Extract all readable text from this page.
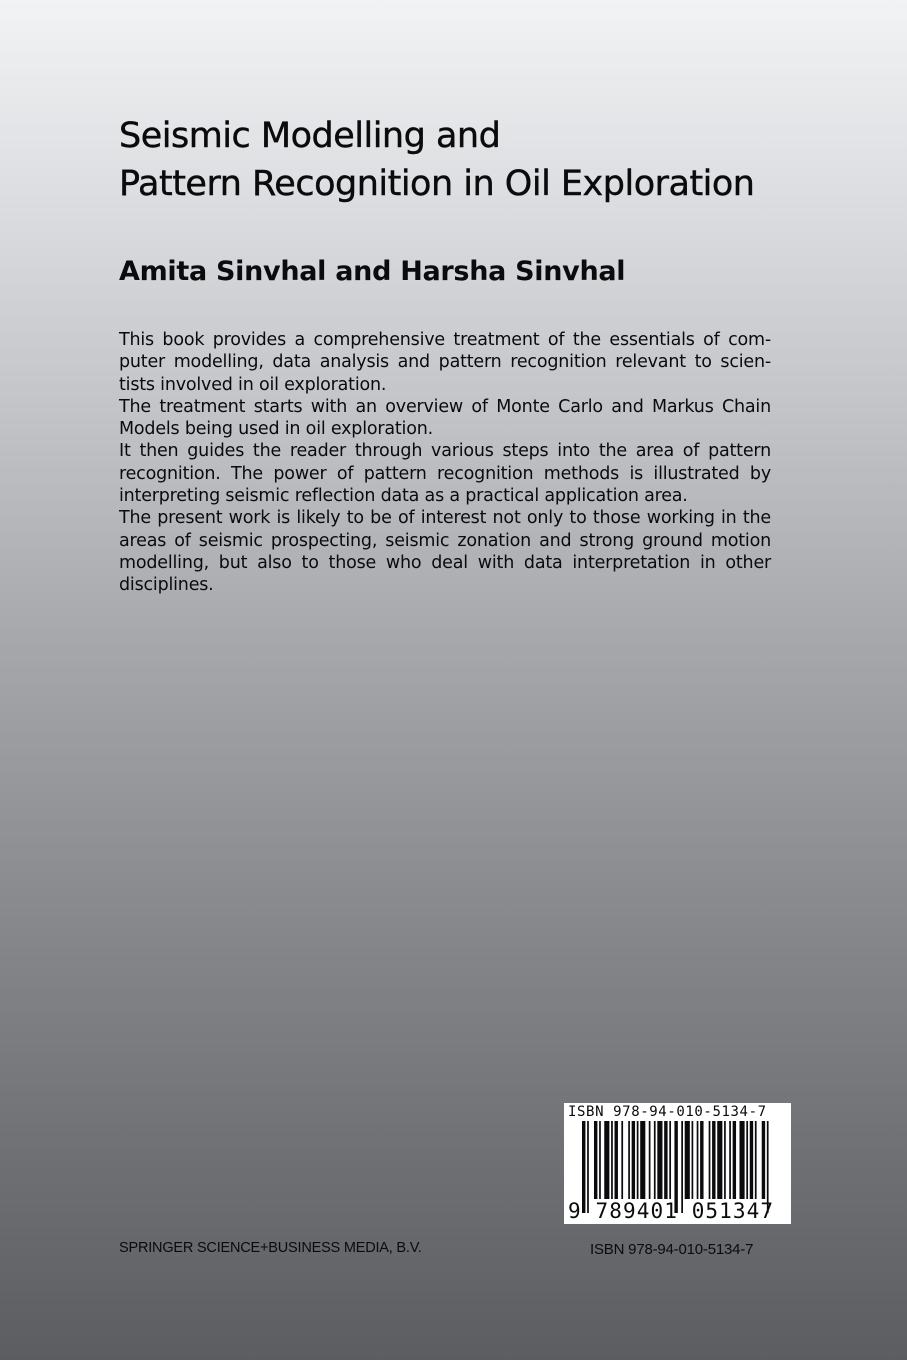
Seismic Modelling and
Pattern Recognition in Oil Exploration
Amita Sinvhal and Harsha Sinvhal

This book provides a comprehensive treatment of the essentials of com-puter modelling, data analysis and pattern recognition relevant to scien-tists involved in oil exploration.

The treatment starts with an overview of Monte Carlo and Markus Chain Models being used in oil exploration.

It then guides the reader through various steps into the area of pattern recognition. The power of pattern recognition methods is illustrated by interpreting seismic reflection data as a practical application area.

The present work is likely to be of interest not only to those working in the areas of seismic prospecting, seismic zonation and strong ground motion modelling, but also to those who deal with data interpretation in other disciplines.

ISBN 978-94-010-5134-7
9 789401 051347
SPRINGER SCIENCE+BUSINESS MEDIA, B.V.	ISBN 978-94-010-5134-7
